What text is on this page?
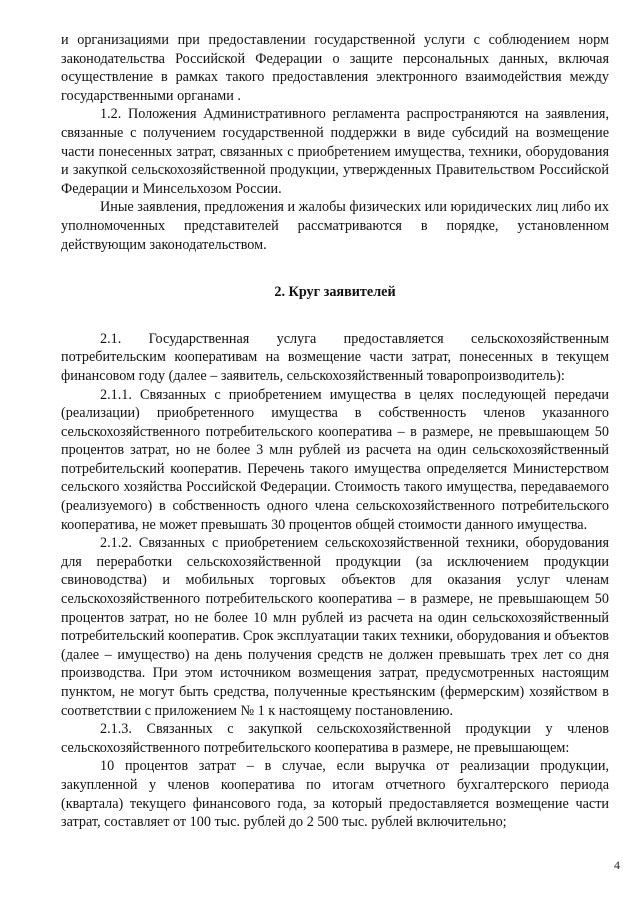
и организациями при предоставлении государственной услуги с соблюдением норм законодательства Российской Федерации о защите персональных данных, включая осуществление в рамках такого предоставления электронного взаимодействия между государственными органами .

1.2. Положения Административного регламента распространяются на заявления, связанные с получением государственной поддержки в виде субсидий на возмещение части понесенных затрат, связанных с приобретением имущества, техники, оборудования и закупкой сельскохозяйственной продукции, утвержденных Правительством Российской Федерации и Минсельхозом России.

Иные заявления, предложения и жалобы физических или юридических лиц либо их уполномоченных представителей рассматриваются в порядке, установленном действующим законодательством.

2. Круг заявителей

2.1. Государственная услуга предоставляется сельскохозяйственным потребительским кооперативам на возмещение части затрат, понесенных в текущем финансовом году (далее – заявитель, сельскохозяйственный товаропроизводитель):

2.1.1. Связанных с приобретением имущества в целях последующей передачи (реализации) приобретенного имущества в собственность членов указанного сельскохозяйственного потребительского кооператива – в размере, не превышающем 50 процентов затрат, но не более 3 млн рублей из расчета на один сельскохозяйственный потребительский кооператив. Перечень такого имущества определяется Министерством сельского хозяйства Российской Федерации. Стоимость такого имущества, передаваемого (реализуемого) в собственность одного члена сельскохозяйственного потребительского кооператива, не может превышать 30 процентов общей стоимости данного имущества.

2.1.2. Связанных с приобретением сельскохозяйственной техники, оборудования для переработки сельскохозяйственной продукции (за исключением продукции свиноводства) и мобильных торговых объектов для оказания услуг членам сельскохозяйственного потребительского кооператива – в размере, не превышающем 50 процентов затрат, но не более 10 млн рублей из расчета на один сельскохозяйственный потребительский кооператив. Срок эксплуатации таких техники, оборудования и объектов (далее – имущество) на день получения средств не должен превышать трех лет со дня производства. При этом источником возмещения затрат, предусмотренных настоящим пунктом, не могут быть средства, полученные крестьянским (фермерским) хозяйством в соответствии с приложением № 1 к настоящему постановлению.

2.1.3. Связанных с закупкой сельскохозяйственной продукции у членов сельскохозяйственного потребительского кооператива в размере, не превышающем:

10 процентов затрат – в случае, если выручка от реализации продукции, закупленной у членов кооператива по итогам отчетного бухгалтерского периода (квартала) текущего финансового года, за который предоставляется возмещение части затрат, составляет от 100 тыс. рублей до 2 500 тыс. рублей включительно;

4
